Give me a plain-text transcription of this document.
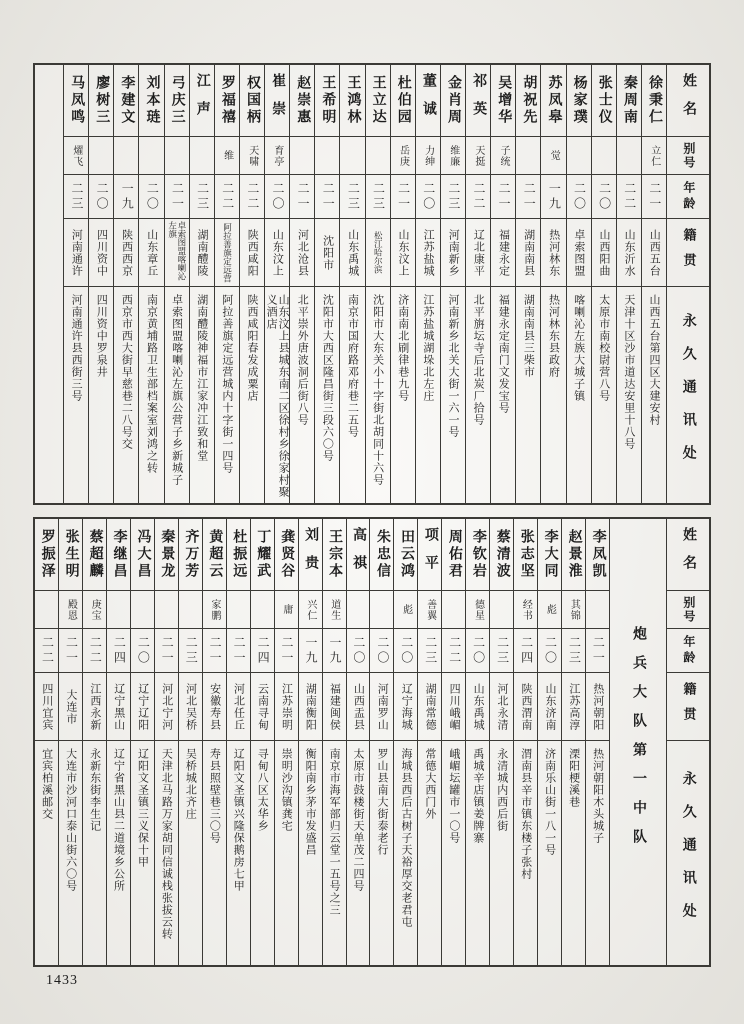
姓名
别号
年龄
籍贯
永久通讯处
徐秉仁
立仁
二一
山西五台
山西五台第四区大建安村
秦周南
二二
山东沂水
天津十区沙市道达安里十八号
张士仪
二〇
山西阳曲
太原市南校尉营八号
杨家璞
二〇
卓索图盟
喀喇沁左族大城子镇
苏凤皋
觉
一九
热河林东
热河林东县政府
胡祝先
二一
湖南南县
湖南南县三柴市
吴增华
子统
二一
福建永定
福建永定南门文发宝号
祁英
天挺
二二
辽北康平
北平旃坛寺后北炭厂拾号
金肖周
维廉
二三
河南新乡
河南新乡北关大街一六一号
董诚
力绅
二〇
江苏盐城
江苏盐城湖垛北左庄
杜伯园
岳庚
二一
山东汶上
济南南北刷律巷九号
王立达
二三
松江哈尔滨
沈阳市大东关小十字街北胡同十六号
王鸿林
二三
山东禹城
南京市国府路邓府巷二五号
王希明
二一
沈阳市
沈阳市大西区隆昌街三段六〇号
赵崇惠
二一
河北沧县
北平崇外唐波洞后街八号
崔崇
育亭
二〇
山东汶上
山东汶上县城东南二区徐村乡徐家村聚义酒店
权国柄
天啸
二二
陕西咸阳
陕西咸阳春发成粟店
罗福禧
维
二二
阿拉善旗定远营
阿拉善旗定远营城内十字街一四号
江声
二三
湖南醴陵
湖南醴陵神福市江家冲江致和堂
弓庆三
二一
卓索图盟喀喇沁左旗
卓索图盟喀喇沁左旗公营子乡新城子
刘本琏
二〇
山东章丘
南京黄埔路卫生部档案室刘鸿之转
李建文
一九
陕西西京
西京市西大街早慈巷二八号交
廖树三
二〇
四川资中
四川资中罗泉井
马凤鸣
燿飞
二三
河南通许
河南通许县西街三号
姓名
别号
年龄
籍贯
永久通讯处
炮兵大队第一中队
李凤凯
二一
热河朝阳
热河朝阳木头城子
赵景淮
其锦
二三
江苏高淳
溧阳梗溪巷
李大同
彪
二〇
山东济南
济南乐山街一八一号
张志坚
经书
二四
陕西渭南
渭南县辛市镇东楼子张村
蔡清波
二三
河北永清
永清城内西后街
李钦岩
德星
二〇
山东禹城
禹城辛店镇姜牌寨
周佑君
二二
四川峨嵋
峨嵋坛罐市一〇号
项平
善翼
二三
湖南常德
常德大西门外
田云鸿
彪
二〇
辽宁海城
海城县西后古树子天裕厚交老君屯
朱忠信
二〇
河南罗山
罗山县南大街泰老行
高祺
二〇
山西盂县
太原市鼓楼街天单茂二四号
王宗本
道生
一九
福建闽侯
南京市海军部归云堂一五号之三
刘贵
兴仁
一九
湖南衡阳
衡阳南乡茅市发盛昌
龚贤谷
庸
二一
江苏崇明
崇明沙沟镇龚宅
丁耀武
二四
云南寻甸
寻甸八区太华乡
杜振远
二一
河北任丘
辽阳文圣镇兴隆保鹅房七甲
黄超云
家鹏
二一
安徽寿县
寿县照壁巷三〇号
齐万芳
二三
河北吴桥
吴桥城北齐庄
秦景龙
二一
河北宁河
天津北马路万家胡同信诚栈张拔云转
冯大昌
二〇
辽宁辽阳
辽阳文圣镇三义保十甲
李继昌
二四
辽宁黑山
辽宁省黑山县二道境乡公所
蔡超麟
庚宝
二二
江西永新
永新东街李生记
张生明
殿恩
二一
大连市
大连市沙河口泰山街六〇号
罗振泽
二二
四川宜宾
宜宾柏溪邮交
1433
